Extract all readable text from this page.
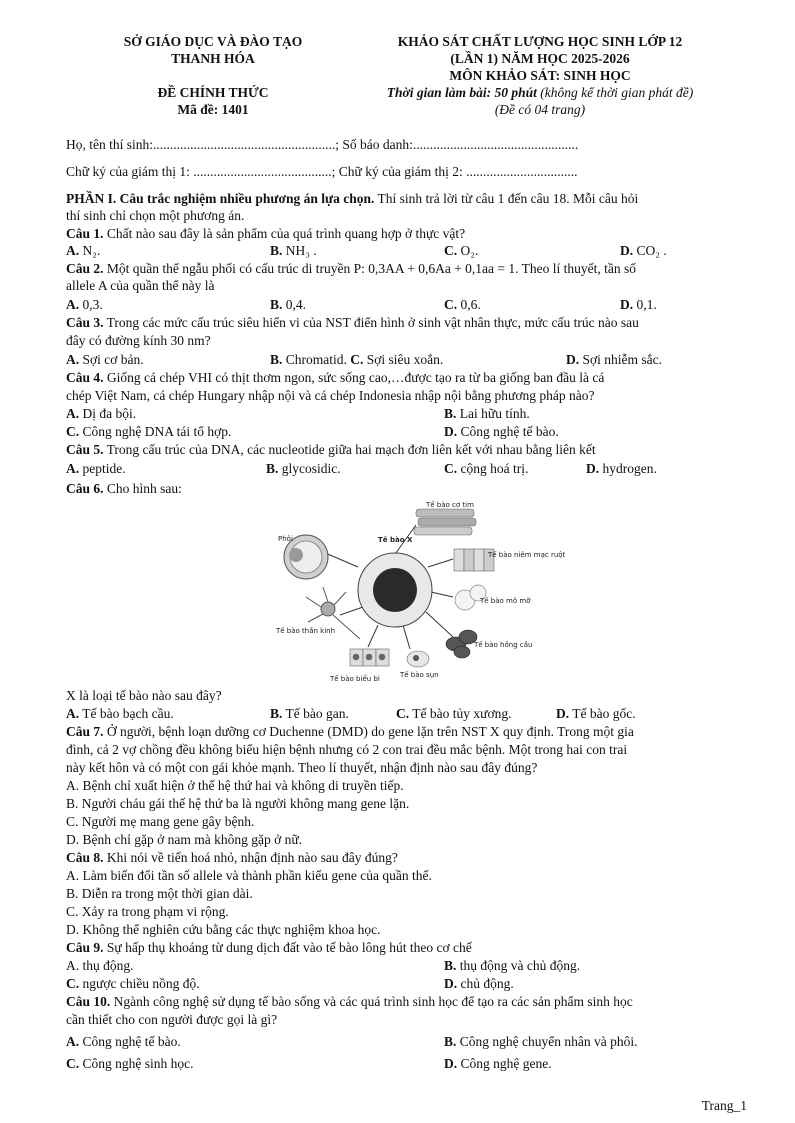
SỞ GIÁO DỤC VÀ ĐÀO TẠO
THANH HÓA
ĐỀ CHÍNH THỨC
Mã đề: 1401
KHẢO SÁT CHẤT LƯỢNG HỌC SINH LỚP 12
(LẦN 1) NĂM HỌC 2025-2026
MÔN KHẢO SÁT: SINH HỌC
Thời gian làm bài: 50 phút (không kể thời gian phát đề)
(Đề có 04 trang)
Họ, tên thí sinh:......................................................; Số báo danh:.................................................
Chữ ký của giám thị 1: .........................................; Chữ ký của giám thị 2: .................................
PHẦN I. Câu trắc nghiệm nhiều phương án lựa chọn. Thí sinh trả lời từ câu 1 đến câu 18. Mỗi câu hỏi
thí sinh chỉ chọn một phương án.
Câu 1. Chất nào sau đây là sản phẩm của quá trình quang hợp ở thực vật?
A. N₂.	B. NH₃ .	C. O₂.	D. CO₂ .
Câu 2. Một quần thể ngẫu phối có cấu trúc di truyền P: 0,3AA + 0,6Aa + 0,1aa = 1. Theo lí thuyết, tần số
allele A của quần thể này là
A. 0,3.	B. 0,4.	C. 0,6.	D. 0,1.
Câu 3. Trong các mức cấu trúc siêu hiển vi của NST điển hình ở sinh vật nhân thực, mức cấu trúc nào sau
đây có đường kính 30 nm?
A. Sợi cơ bản.	B. Chromatid. C. Sợi siêu xoắn.	D. Sợi nhiễm sắc.
Câu 4. Giống cá chép VHI có thịt thơm ngon, sức sống cao,…được tạo ra từ ba giống ban đầu là cá
chép Việt Nam, cá chép Hungary nhập nội và cá chép Indonesia nhập nội bằng phương pháp nào?
A. Dị đa bội.	B. Lai hữu tính.
C. Công nghệ DNA tái tổ hợp.	D. Công nghệ tế bào.
Câu 5. Trong cấu trúc của DNA, các nucleotide giữa hai mạch đơn liên kết với nhau bằng liên kết
A. peptide.	B. glycosidic.	C. cộng hoá trị.	D. hydrogen.
Câu 6. Cho hình sau:
Tế bào cơ tim
Phôi	Tế bào X
Tế bào niêm mạc ruột
Tế bào mô mỡ
Tế bào hồng cầu
Tế bào sụn
Tế bào biểu bì
Tế bào thần kinh
X là loại tế bào nào sau đây?
A. Tế bào bạch cầu.	B. Tế bào gan.	C. Tế bào tủy xương.	D. Tế bào gốc.
Câu 7. Ở người, bệnh loạn dưỡng cơ Duchenne (DMD) do gene lặn trên NST X quy định. Trong một gia
đình, cả 2 vợ chồng đều không biểu hiện bệnh nhưng có 2 con trai đều mắc bệnh. Một trong hai con trai
này kết hôn và có một con gái khỏe mạnh. Theo lí thuyết, nhận định nào sau đây đúng?
A. Bệnh chỉ xuất hiện ở thế hệ thứ hai và không di truyền tiếp.
B. Người cháu gái thế hệ thứ ba là người không mang gene lặn.
C. Người mẹ mang gene gây bệnh.
D. Bệnh chỉ gặp ở nam mà không gặp ở nữ.
Câu 8. Khi nói về tiến hoá nhỏ, nhận định nào sau đây đúng?
A. Làm biến đổi tần số allele và thành phần kiểu gene của quần thể.
B. Diễn ra trong một thời gian dài.
C. Xảy ra trong phạm vi rộng.
D. Không thể nghiên cứu bằng các thực nghiệm khoa học.
Câu 9. Sự hấp thụ khoáng từ dung dịch đất vào tế bào lông hút theo cơ chế
A. thụ động.	B. thụ động và chủ động.
C. ngược chiều nồng độ.	D. chủ động.
Câu 10. Ngành công nghệ sử dụng tế bào sống và các quá trình sinh học để tạo ra các sản phẩm sinh học
cần thiết cho con người được gọi là gì?
A. Công nghệ tế bào.	B. Công nghệ chuyển nhân và phôi.
C. Công nghệ sinh học.	D. Công nghệ gene.
Trang_1
